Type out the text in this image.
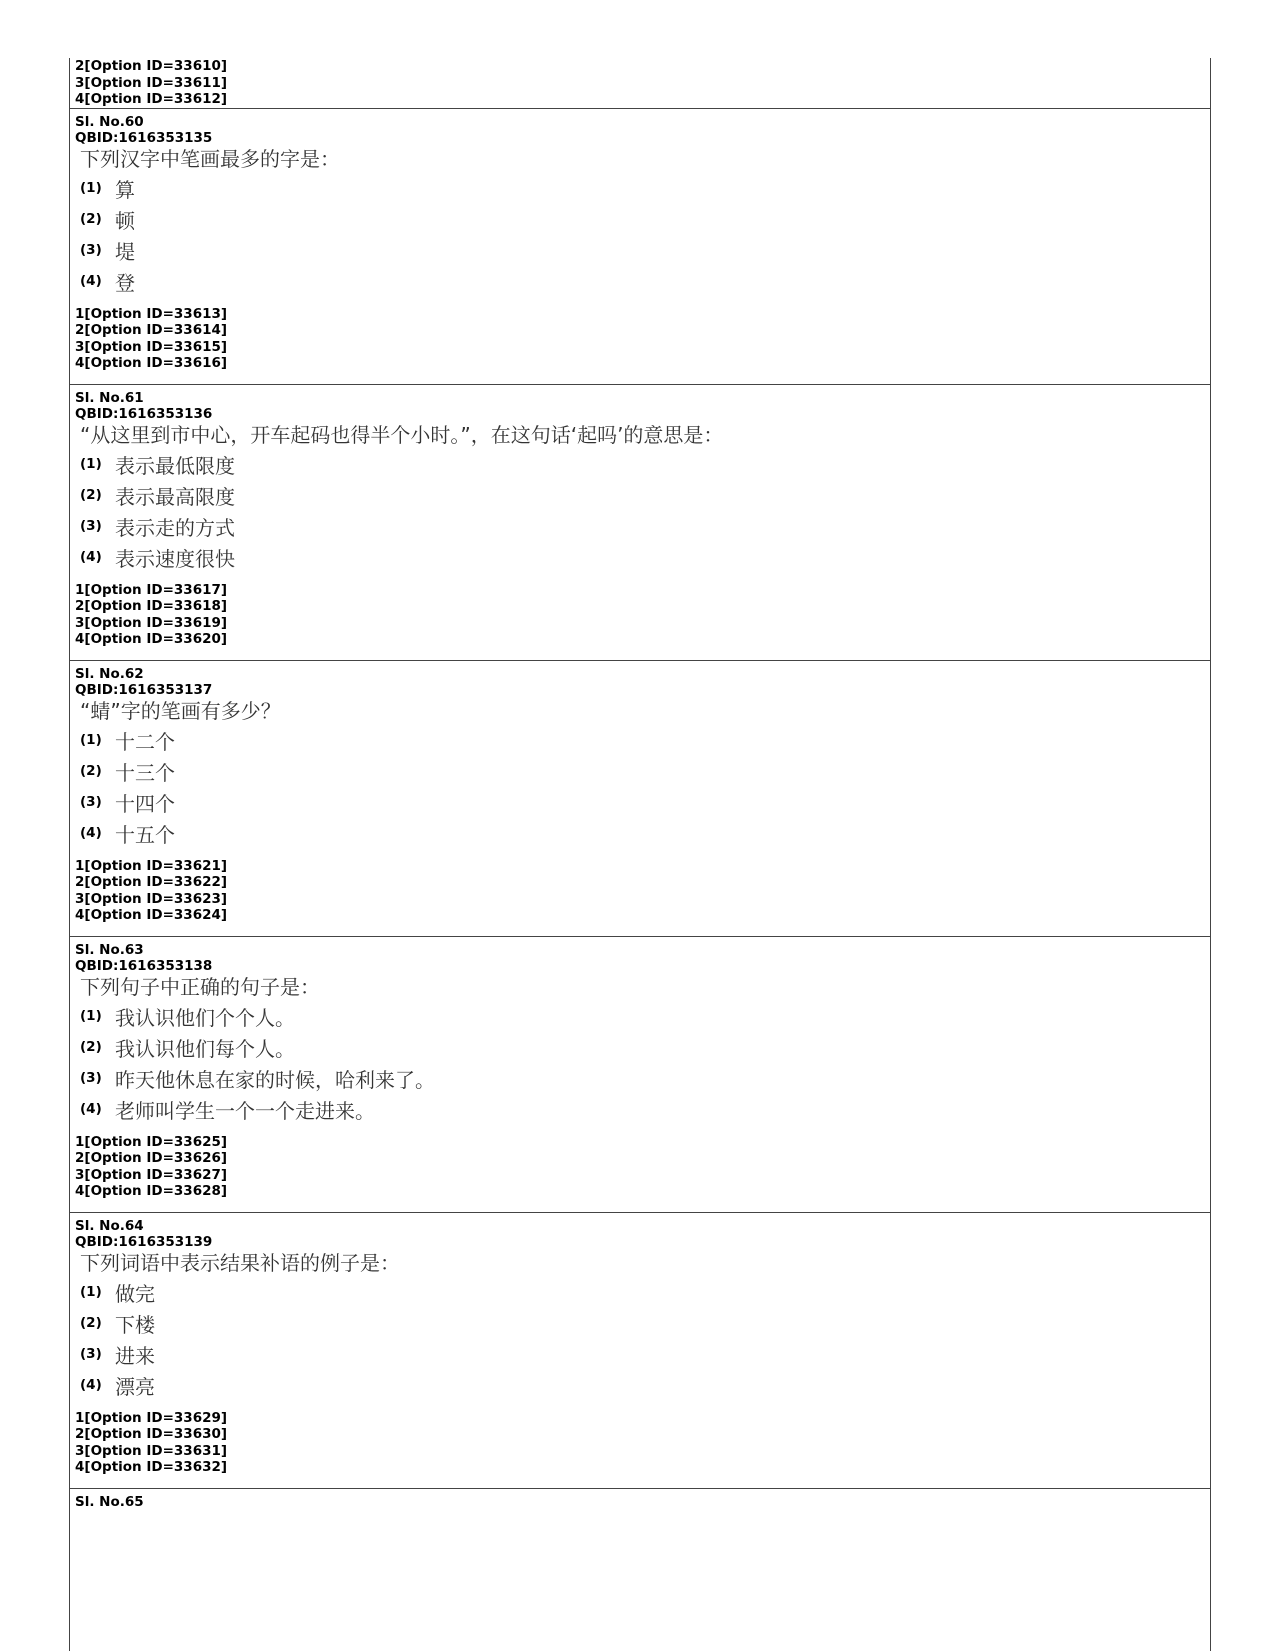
2[Option ID=33610]
3[Option ID=33611]
4[Option ID=33612]
Sl. No.60
QBID:1616353135
下列汉字中笔画最多的字是：
(1) 算
(2) 顿
(3) 堤
(4) 登
1[Option ID=33613]
2[Option ID=33614]
3[Option ID=33615]
4[Option ID=33616]
Sl. No.61
QBID:1616353136
“从这里到市中心，开车起码也得半个小时。”，在这句话‘起吗’的意思是：
(1) 表示最低限度
(2) 表示最高限度
(3) 表示走的方式
(4) 表示速度很快
1[Option ID=33617]
2[Option ID=33618]
3[Option ID=33619]
4[Option ID=33620]
Sl. No.62
QBID:1616353137
“蜻”字的笔画有多少？
(1) 十二个
(2) 十三个
(3) 十四个
(4) 十五个
1[Option ID=33621]
2[Option ID=33622]
3[Option ID=33623]
4[Option ID=33624]
Sl. No.63
QBID:1616353138
下列句子中正确的句子是：
(1) 我认识他们个个人。
(2) 我认识他们每个人。
(3) 昨天他休息在家的时候，哈利来了。
(4) 老师叫学生一个一个走进来。
1[Option ID=33625]
2[Option ID=33626]
3[Option ID=33627]
4[Option ID=33628]
Sl. No.64
QBID:1616353139
下列词语中表示结果补语的例子是：
(1) 做完
(2) 下楼
(3) 进来
(4) 漂亮
1[Option ID=33629]
2[Option ID=33630]
3[Option ID=33631]
4[Option ID=33632]
Sl. No.65
